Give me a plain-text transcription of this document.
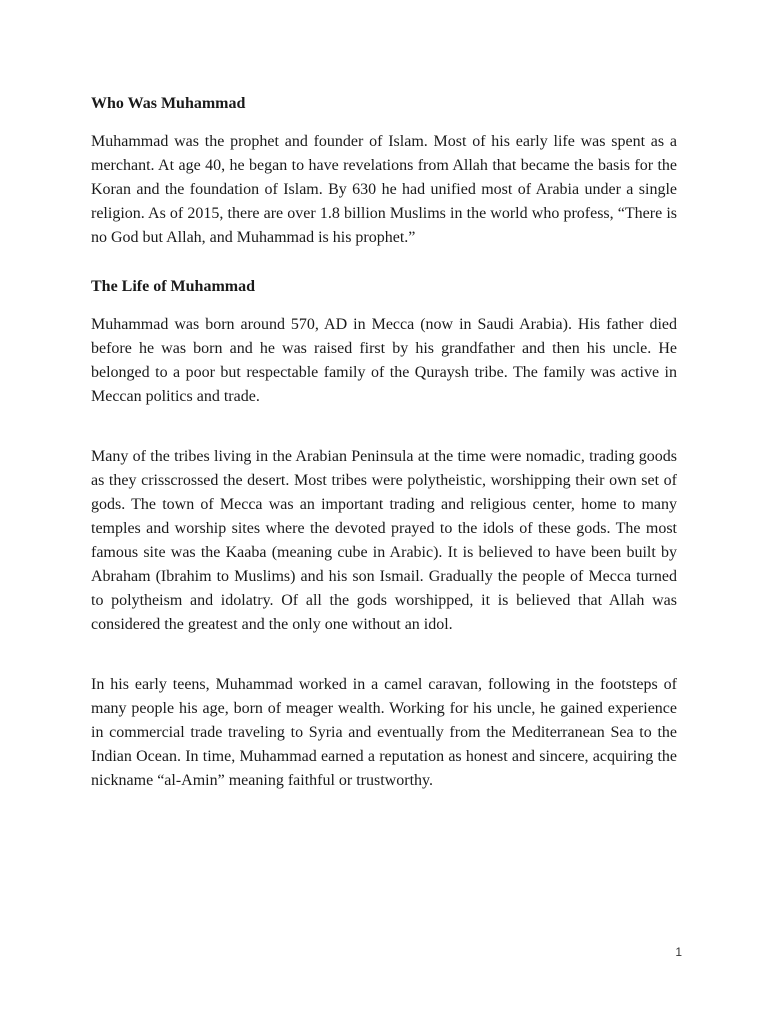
Who Was Muhammad

Muhammad was the prophet and founder of Islam. Most of his early life was spent as a merchant. At age 40, he began to have revelations from Allah that became the basis for the Koran and the foundation of Islam. By 630 he had unified most of Arabia under a single religion. As of 2015, there are over 1.8 billion Muslims in the world who profess, “There is no God but Allah, and Muhammad is his prophet.”

The Life of Muhammad

Muhammad was born around 570, AD in Mecca (now in Saudi Arabia). His father died before he was born and he was raised first by his grandfather and then his uncle. He belonged to a poor but respectable family of the Quraysh tribe. The family was active in Meccan politics and trade.

Many of the tribes living in the Arabian Peninsula at the time were nomadic, trading goods as they crisscrossed the desert. Most tribes were polytheistic, worshipping their own set of gods. The town of Mecca was an important trading and religious center, home to many temples and worship sites where the devoted prayed to the idols of these gods. The most famous site was the Kaaba (meaning cube in Arabic). It is believed to have been built by Abraham (Ibrahim to Muslims) and his son Ismail. Gradually the people of Mecca turned to polytheism and idolatry. Of all the gods worshipped, it is believed that Allah was considered the greatest and the only one without an idol.

In his early teens, Muhammad worked in a camel caravan, following in the footsteps of many people his age, born of meager wealth. Working for his uncle, he gained experience in commercial trade traveling to Syria and eventually from the Mediterranean Sea to the Indian Ocean. In time, Muhammad earned a reputation as honest and sincere, acquiring the nickname “al-Amin” meaning faithful or trustworthy.

1
